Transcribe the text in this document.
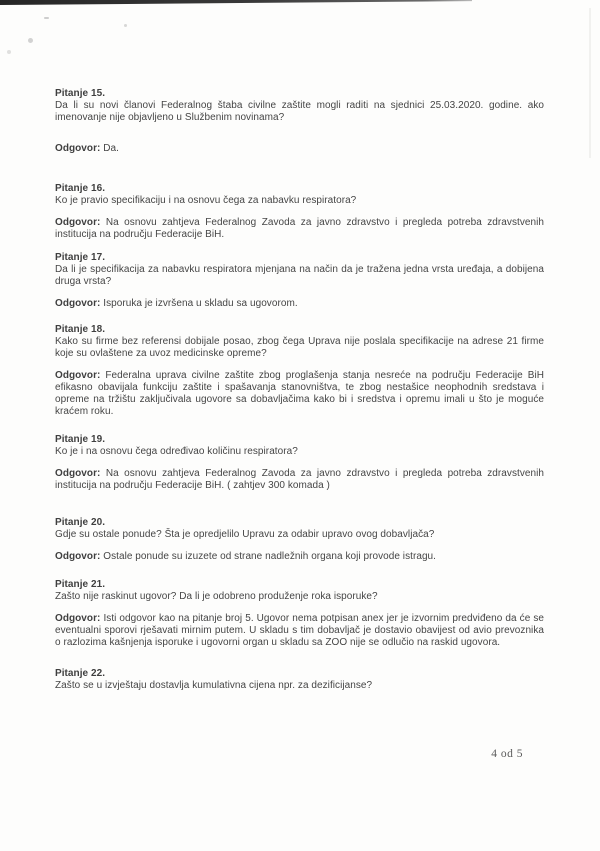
Pitanje 15.

Da li su novi članovi Federalnog štaba civilne zaštite mogli raditi na sjednici 25.03.2020. godine. ako imenovanje nije objavljeno u Službenim novinama?

Odgovor: Da.

Pitanje 16.

Ko je pravio specifikaciju i na osnovu čega za nabavku respiratora?

Odgovor: Na osnovu zahtjeva Federalnog Zavoda za javno zdravstvo i pregleda potreba zdravstvenih institucija na području Federacije BiH.

Pitanje 17.

Da li je specifikacija za nabavku respiratora mjenjana na način da je tražena jedna vrsta uređaja, a dobijena druga vrsta?

Odgovor: Isporuka je izvršena u skladu sa ugovorom.

Pitanje 18.

Kako su firme bez referensi dobijale posao, zbog čega Uprava nije poslala specifikacije na adrese 21 firme koje su ovlaštene za uvoz medicinske opreme?

Odgovor: Federalna uprava civilne zaštite zbog proglašenja stanja nesreće na području Federacije BiH efikasno obavijala funkciju zaštite i spašavanja stanovništva, te zbog nestašice neophodnih sredstava i opreme na tržištu zaključivala ugovore sa dobavljačima kako bi i sredstva i opremu imali u što je moguće kraćem roku.

Pitanje 19.

Ko je i na osnovu čega određivao količinu respiratora?

Odgovor: Na osnovu zahtjeva Federalnog Zavoda za javno zdravstvo i pregleda potreba zdravstvenih institucija na području Federacije BiH. ( zahtjev 300 komada )

Pitanje 20.

Gdje su ostale ponude? Šta je opredjelilo Upravu za odabir upravo ovog dobavljača?

Odgovor: Ostale ponude su izuzete od strane nadležnih organa koji provode istragu.

Pitanje 21.

Zašto nije raskinut ugovor? Da li je odobreno produženje roka isporuke?

Odgovor: Isti odgovor kao na pitanje broj 5. Ugovor nema potpisan anex jer je izvornim predviđeno da će se eventualni sporovi rješavati mirnim putem. U skladu s tim dobavljač je dostavio obavijest od avio prevoznika o razlozima kašnjenja isporuke i ugovorni organ u skladu sa ZOO nije se odlučio na raskid ugovora.

Pitanje 22.

Zašto se u izvještaju dostavlja kumulativna cijena npr. za dezificijanse?

4 od 5
